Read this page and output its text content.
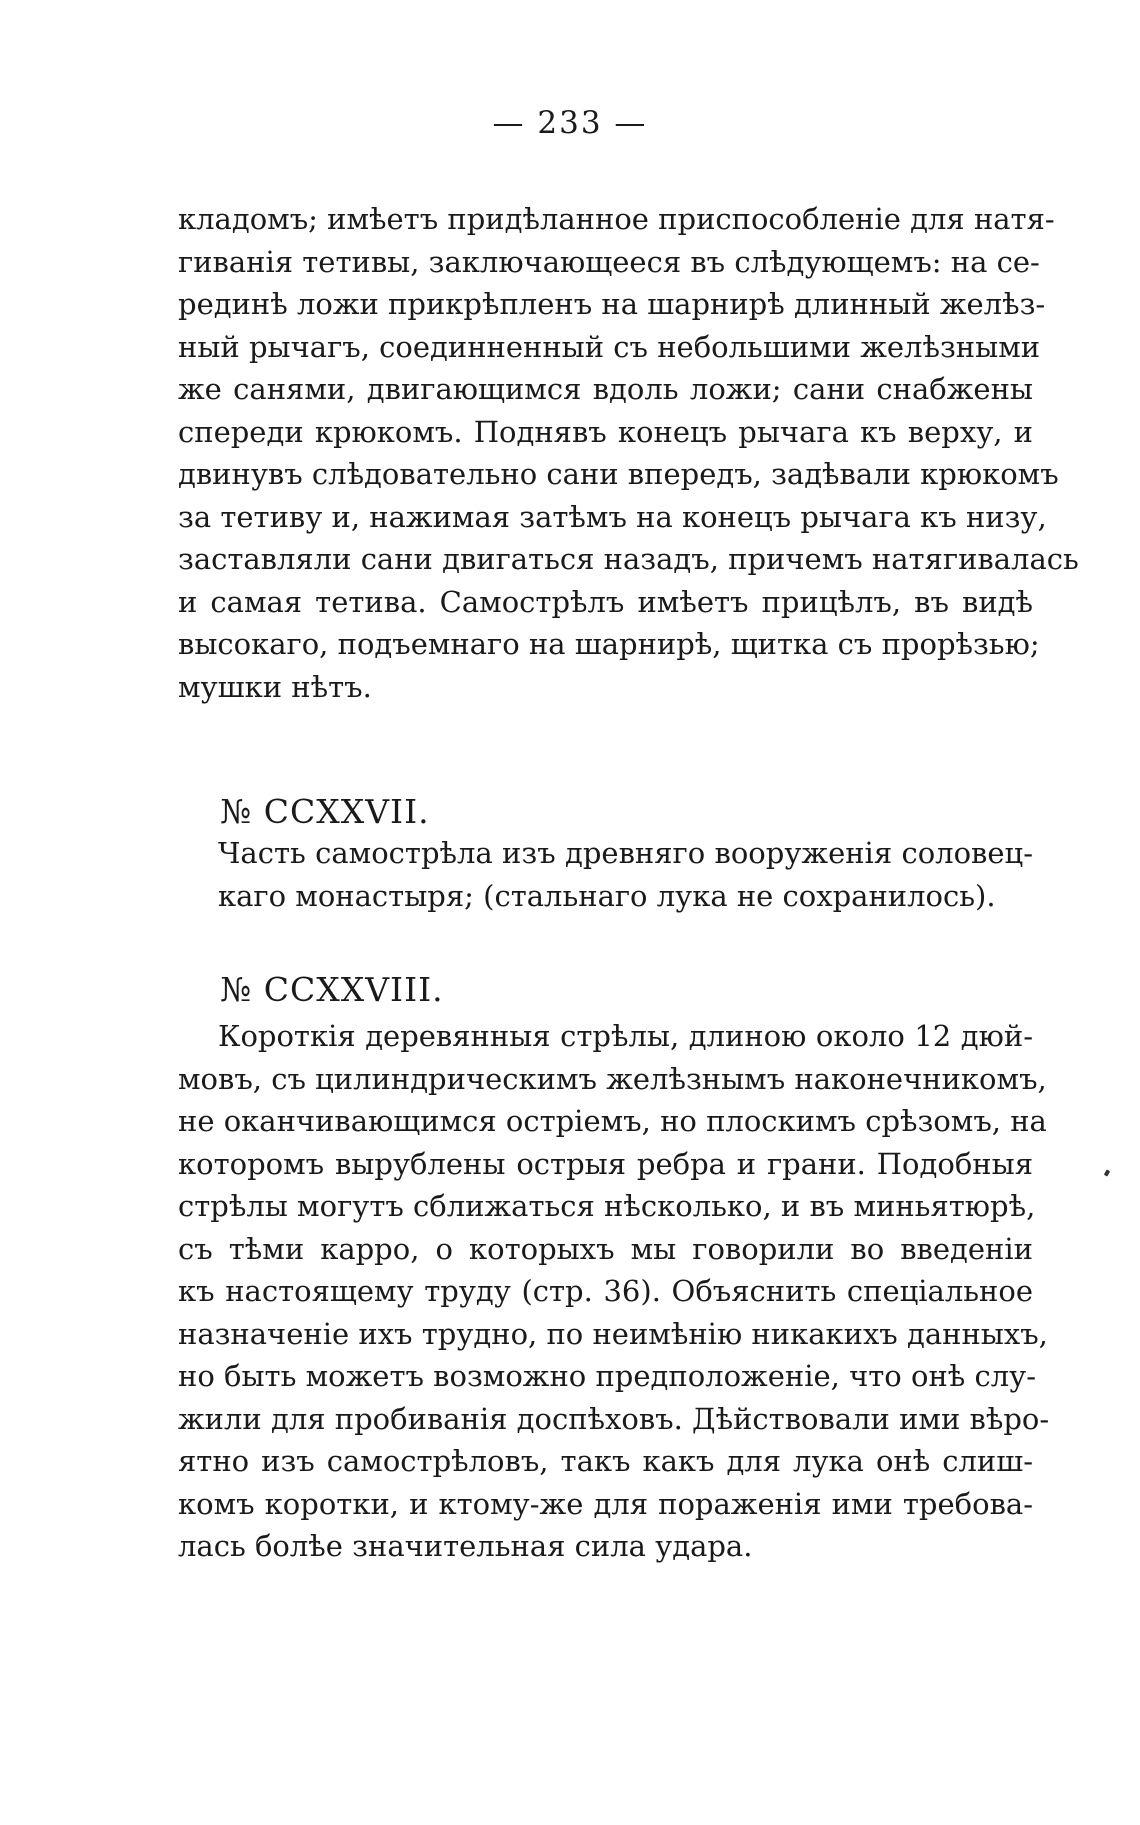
— 233 —
кладомъ; имѣетъ придѣланное приспособленіе для натя-
гиванія тетивы, заключающееся въ слѣдующемъ: на се-
рединѣ ложи прикрѣпленъ на шарнирѣ длинный желѣз-
ный рычагъ, соединненный съ небольшими желѣзными
же санями, двигающимся вдоль ложи; сани снабжены
спереди крюкомъ. Поднявъ конецъ рычага къ верху, и
двинувъ слѣдовательно сани впередъ, задѣвали крюкомъ
за тетиву и, нажимая затѣмъ на конецъ рычага къ низу,
заставляли сани двигаться назадъ, причемъ натягивалась
и самая тетива. Самострѣлъ имѣетъ прицѣлъ, въ видѣ
высокаго, подъемнаго на шарнирѣ, щитка съ прорѣзью;
мушки нѣтъ.
№ CCXXVII.
Часть самострѣла изъ древняго вооруженія соловец-
каго монастыря; (стальнаго лука не сохранилось).
№ CCXXVIII.
Короткія деревянныя стрѣлы, длиною около 12 дюй-
мовъ, съ цилиндрическимъ желѣзнымъ наконечникомъ,
не оканчивающимся остріемъ, но плоскимъ срѣзомъ, на
которомъ вырублены острыя ребра и грани. Подобныя
стрѣлы могутъ сближаться нѣсколько, и въ миньятюрѣ,
съ тѣми карро, о которыхъ мы говорили во введеніи
къ настоящему труду (стр. 36). Объяснить спеціальное
назначеніе ихъ трудно, по неимѣнію никакихъ данныхъ,
но быть можетъ возможно предположеніе, что онѣ слу-
жили для пробиванія доспѣховъ. Дѣйствовали ими вѣро-
ятно изъ самострѣловъ, такъ какъ для лука онѣ слиш-
комъ коротки, и ктому-же для пораженія ими требова-
лась болѣе значительная сила удара.
